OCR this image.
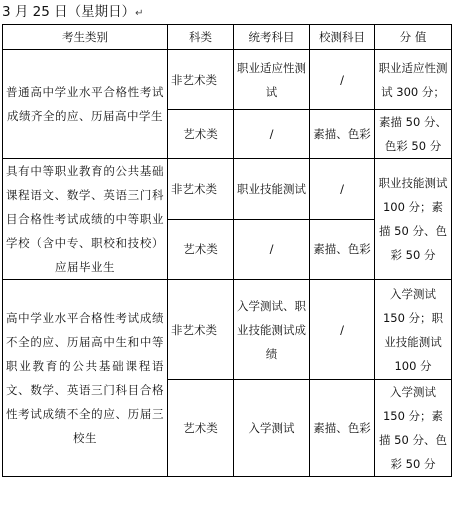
3 月 25 日（星期日）↵
考生类别	科类	统考科目	校测科目	分 值
普通高中学业水平合格性考试成绩齐全的应、历届高中学生	非艺术类	职业适应性测试	/	职业适应性测试 300 分；
	艺术类	/	素描、色彩	素描 50 分、色彩 50 分
具有中等职业教育的公共基础课程语文、数学、英语三门科目合格性考试成绩的中等职业学校（含中专、职校和技校）应届毕业生	非艺术类	职业技能测试	/	职业技能测试 100 分；素描 50 分、色彩 50 分
	艺术类	/	素描、色彩	
高中学业水平合格性考试成绩不全的应、历届高中生和中等职业教育的公共基础课程语文、数学、英语三门科目合格性考试成绩不全的应、历届三校生	非艺术类	入学测试、职业技能测试成绩	/	入学测试 150 分；职业技能测试 100 分
	艺术类	入学测试	素描、色彩	入学测试 150 分；素描 50 分、色彩 50 分
